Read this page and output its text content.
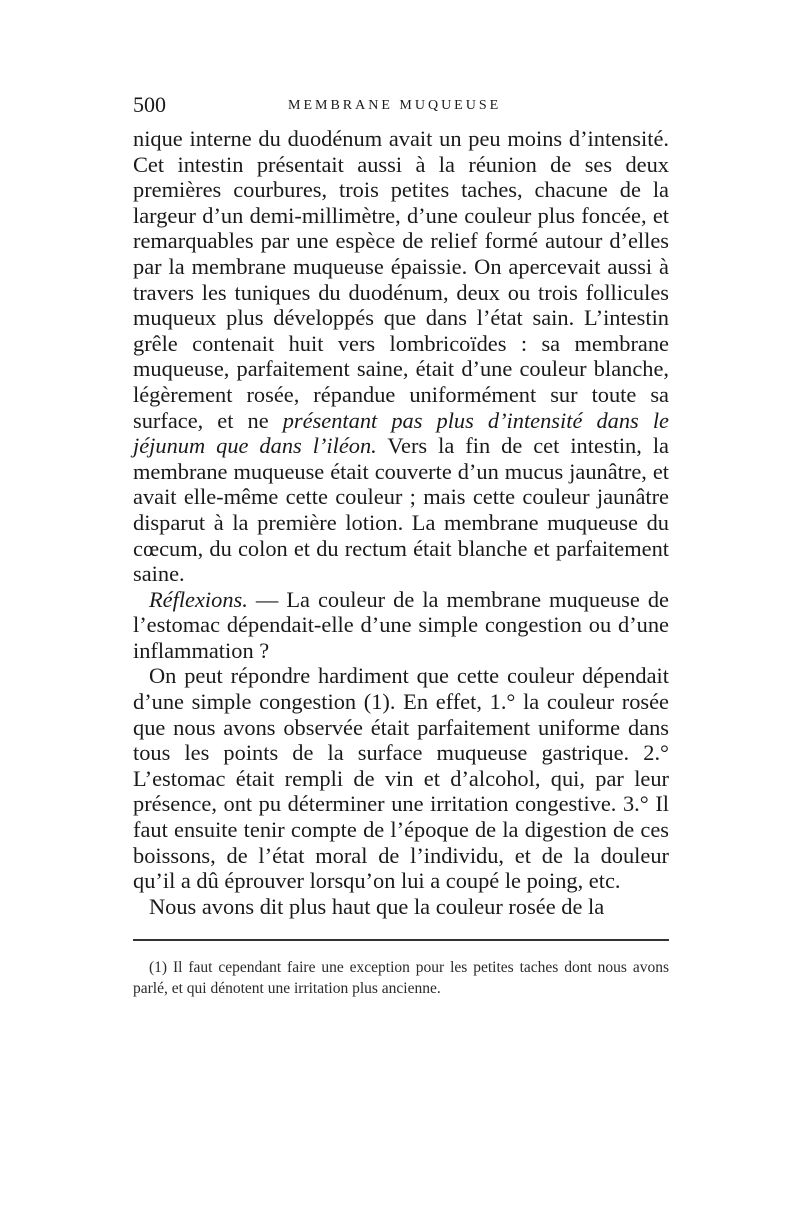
500	MEMBRANE MUQUEUSE

nique interne du duodénum avait un peu moins d’intensité. Cet intestin présentait aussi à la réunion de ses deux premières courbures, trois petites taches, chacune de la largeur d’un demi-millimètre, d’une couleur plus foncée, et remarquables par une espèce de relief formé autour d’elles par la membrane muqueuse épaissie. On apercevait aussi à travers les tuniques du duodénum, deux ou trois follicules muqueux plus développés que dans l’état sain. L’intestin grêle contenait huit vers lombricoïdes : sa membrane muqueuse, parfaitement saine, était d’une couleur blanche, légèrement rosée, répandue uniformément sur toute sa surface, et ne présentant pas plus d’intensité dans le jéjunum que dans l’iléon. Vers la fin de cet intestin, la membrane muqueuse était couverte d’un mucus jaunâtre, et avait elle-même cette couleur ; mais cette couleur jaunâtre disparut à la première lotion. La membrane muqueuse du cœcum, du colon et du rectum était blanche et parfaitement saine.

Réflexions. — La couleur de la membrane muqueuse de l’estomac dépendait-elle d’une simple congestion ou d’une inflammation ?

On peut répondre hardiment que cette couleur dépendait d’une simple congestion (1). En effet, 1.° la couleur rosée que nous avons observée était parfaitement uniforme dans tous les points de la surface muqueuse gastrique. 2.° L’estomac était rempli de vin et d’alcohol, qui, par leur présence, ont pu déterminer une irritation congestive. 3.° Il faut ensuite tenir compte de l’époque de la digestion de ces boissons, de l’état moral de l’individu, et de la douleur qu’il a dû éprouver lorsqu’on lui a coupé le poing, etc.

Nous avons dit plus haut que la couleur rosée de la

(1) Il faut cependant faire une exception pour les petites taches dont nous avons parlé, et qui dénotent une irritation plus ancienne.
